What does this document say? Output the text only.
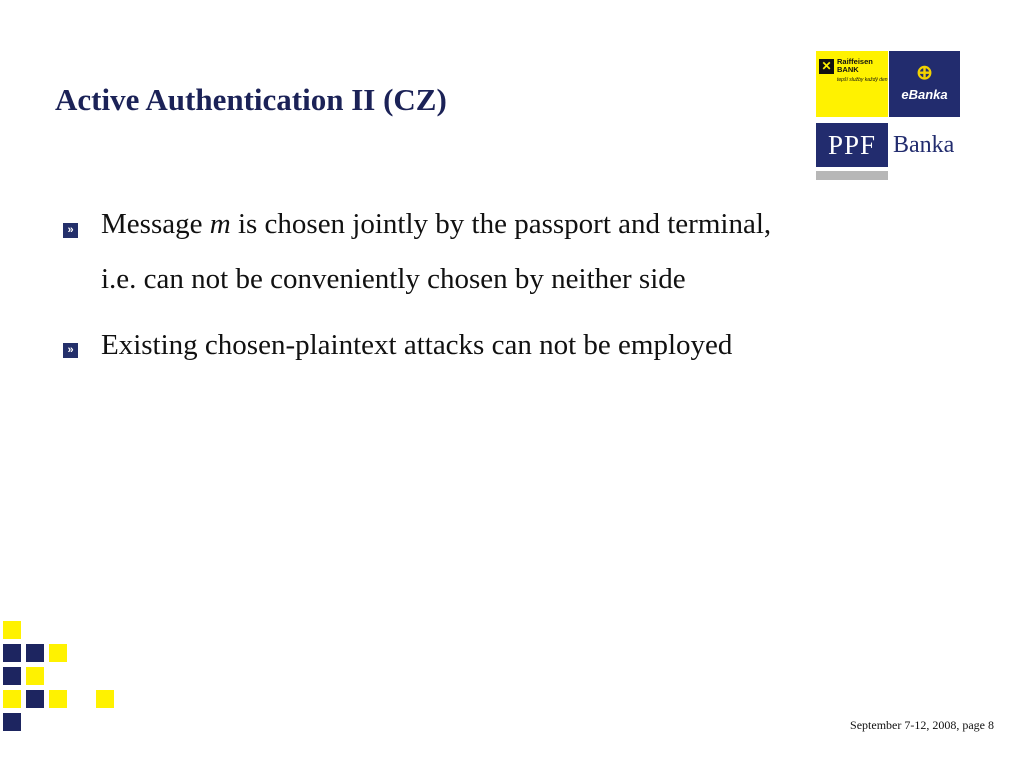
Active Authentication II (CZ)
✕ Raiffeisen
BANK
tepší služby každý den	⊕
eBanka
PPF Banka
» Message m is chosen jointly by the passport and terminal,
i.e. can not be conveniently chosen by neither side
» Existing chosen-plaintext attacks can not be employed
September 7-12, 2008, page 8
